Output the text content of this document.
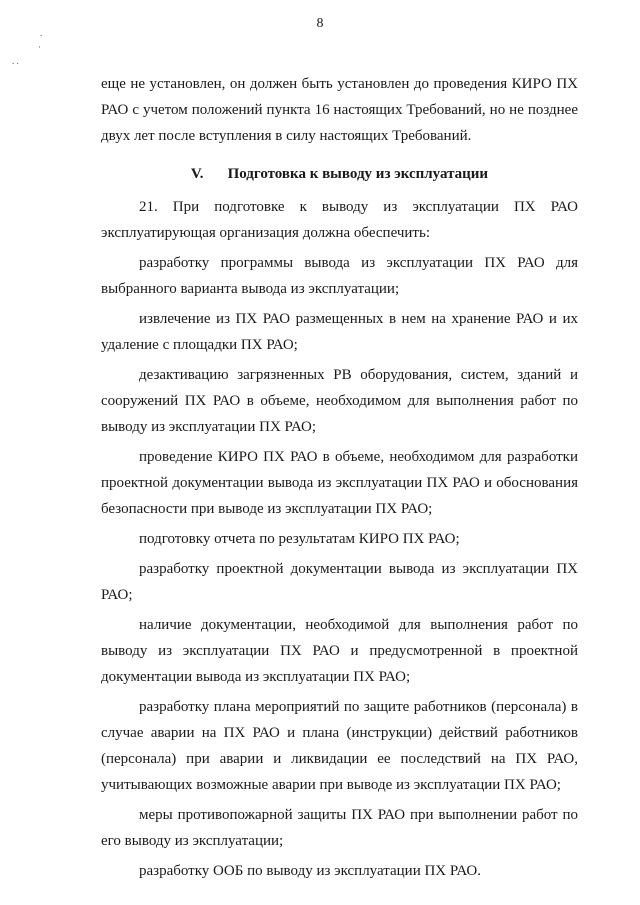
.
·
. .
8

еще не установлен, он должен быть установлен до проведения КИРО ПХ РАО с учетом положений пункта 16 настоящих Требований, но не позднее двух лет после вступления в силу настоящих Требований.

V. Подготовка к выводу из эксплуатации

21. При подготовке к выводу из эксплуатации ПХ РАО эксплуатирующая организация должна обеспечить:

разработку программы вывода из эксплуатации ПХ РАО для выбранного варианта вывода из эксплуатации;

извлечение из ПХ РАО размещенных в нем на хранение РАО и их удаление с площадки ПХ РАО;

дезактивацию загрязненных РВ оборудования, систем, зданий и сооружений ПХ РАО в объеме, необходимом для выполнения работ по выводу из эксплуатации ПХ РАО;

проведение КИРО ПХ РАО в объеме, необходимом для разработки проектной документации вывода из эксплуатации ПХ РАО и обоснования безопасности при выводе из эксплуатации ПХ РАО;

подготовку отчета по результатам КИРО ПХ РАО;

разработку проектной документации вывода из эксплуатации ПХ РАО;

наличие документации, необходимой для выполнения работ по выводу из эксплуатации ПХ РАО и предусмотренной в проектной документации вывода из эксплуатации ПХ РАО;

разработку плана мероприятий по защите работников (персонала) в случае аварии на ПХ РАО и плана (инструкции) действий работников (персонала) при аварии и ликвидации ее последствий на ПХ РАО, учитывающих возможные аварии при выводе из эксплуатации ПХ РАО;

меры противопожарной защиты ПХ РАО при выполнении работ по его выводу из эксплуатации;

разработку ООБ по выводу из эксплуатации ПХ РАО.
